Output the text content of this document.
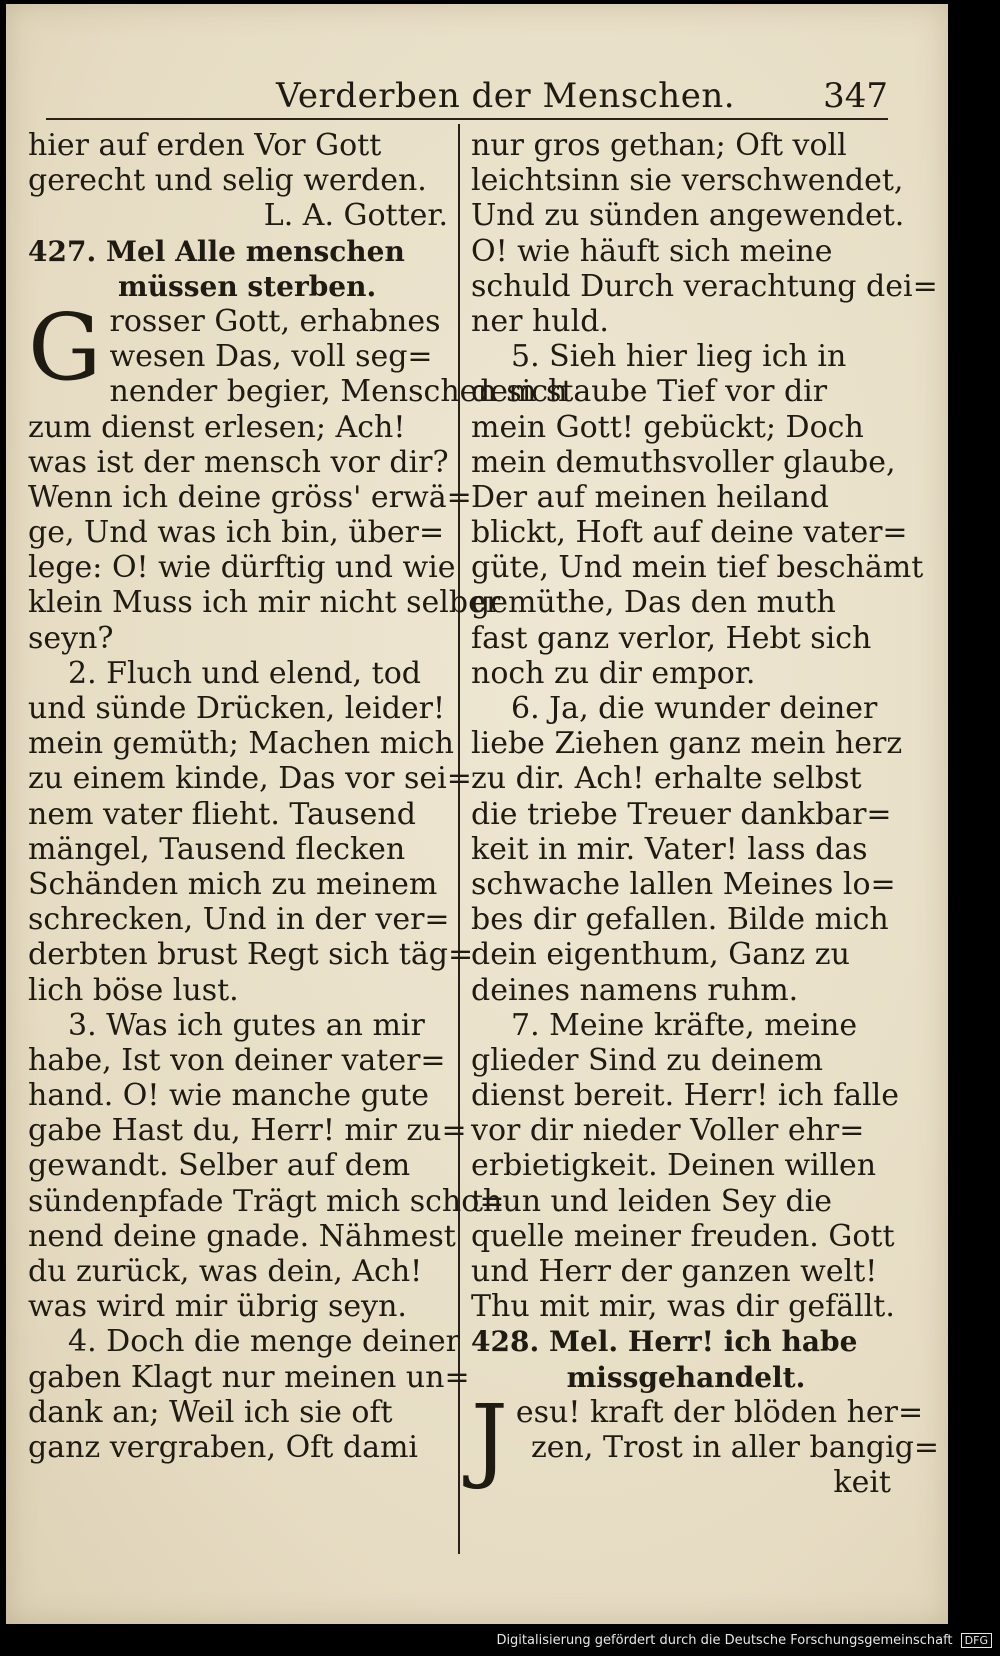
Verderben der Menschen.	347
hier auf erden Vor Gott
gerecht und selig werden.
L. A. Gotter.
427. Mel Alle menschen
müssen sterben.
G rosser Gott, erhabnes
wesen Das, voll seg=
nender begier, Menschen sich
zum dienst erlesen; Ach!
was ist der mensch vor dir?
Wenn ich deine gröss' erwä=
ge, Und was ich bin, über=
lege: O! wie dürftig und wie
klein Muss ich mir nicht selber
seyn?
2. Fluch und elend, tod
und sünde Drücken, leider!
mein gemüth; Machen mich
zu einem kinde, Das vor sei=
nem vater flieht. Tausend
mängel, Tausend flecken
Schänden mich zu meinem
schrecken, Und in der ver=
derbten brust Regt sich täg=
lich böse lust.
3. Was ich gutes an mir
habe, Ist von deiner vater=
hand. O! wie manche gute
gabe Hast du, Herr! mir zu=
gewandt. Selber auf dem
sündenpfade Trägt mich scho=
nend deine gnade. Nähmest
du zurück, was dein, Ach!
was wird mir übrig seyn.
4. Doch die menge deiner
gaben Klagt nur meinen un=
dank an; Weil ich sie oft
ganz vergraben, Oft dami
nur gros gethan; Oft voll
leichtsinn sie verschwendet,
Und zu sünden angewendet.
O! wie häuft sich meine
schuld Durch verachtung dei=
ner huld.
5. Sieh hier lieg ich in
dem staube Tief vor dir
mein Gott! gebückt; Doch
mein demuthsvoller glaube,
Der auf meinen heiland
blickt, Hoft auf deine vater=
güte, Und mein tief beschämt
gemüthe, Das den muth
fast ganz verlor, Hebt sich
noch zu dir empor.
6. Ja, die wunder deiner
liebe Ziehen ganz mein herz
zu dir. Ach! erhalte selbst
die triebe Treuer dankbar=
keit in mir. Vater! lass das
schwache lallen Meines lo=
bes dir gefallen. Bilde mich
dein eigenthum, Ganz zu
deines namens ruhm.
7. Meine kräfte, meine
glieder Sind zu deinem
dienst bereit. Herr! ich falle
vor dir nieder Voller ehr=
erbietigkeit. Deinen willen
thun und leiden Sey die
quelle meiner freuden. Gott
und Herr der ganzen welt!
Thu mit mir, was dir gefällt.
428. Mel. Herr! ich habe
missgehandelt.
J esu! kraft der blöden her=
zen, Trost in aller bangig=
keit
Digitalisierung gefördert durch die Deutsche Forschungsgemeinschaft DFG
